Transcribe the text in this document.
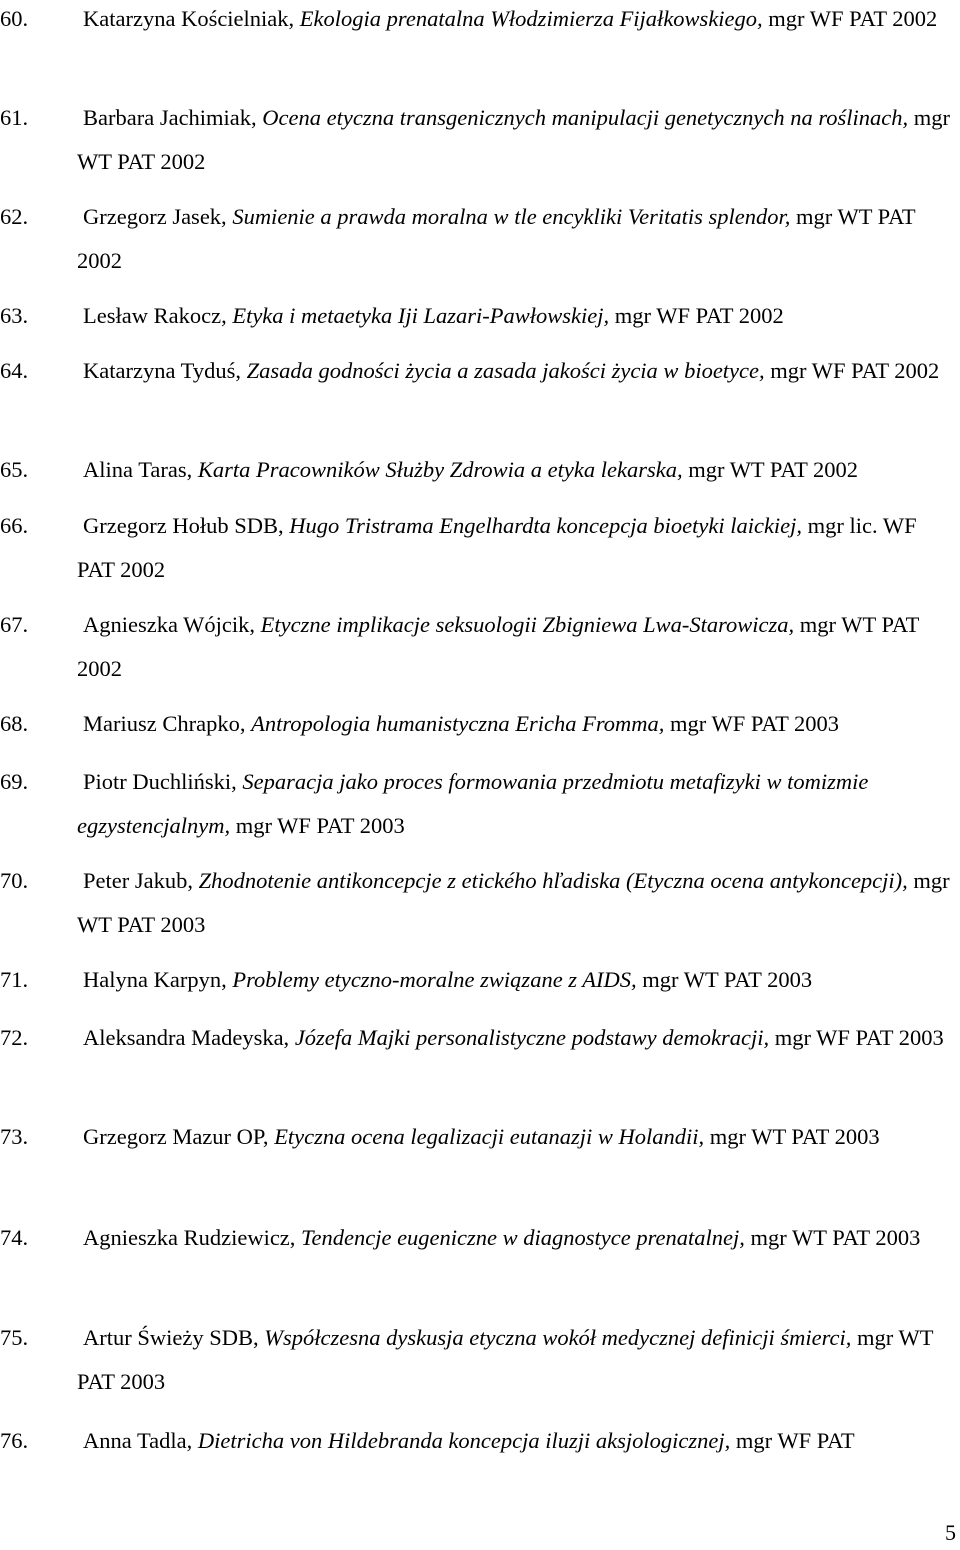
60. Katarzyna Kościelniak, Ekologia prenatalna Włodzimierza Fijałkowskiego, mgr WF PAT 2002
61. Barbara Jachimiak, Ocena etyczna transgenicznych manipulacji genetycznych na roślinach, mgr WT PAT 2002
62. Grzegorz Jasek, Sumienie a prawda moralna w tle encykliki Veritatis splendor, mgr WT PAT 2002
63. Lesław Rakocz, Etyka i metaetyka Iji Lazari-Pawłowskiej, mgr WF PAT 2002
64. Katarzyna Tyduś, Zasada godności życia a zasada jakości życia w bioetyce, mgr WF PAT 2002
65. Alina Taras, Karta Pracowników Służby Zdrowia a etyka lekarska, mgr WT PAT 2002
66. Grzegorz Hołub SDB, Hugo Tristrama Engelhardta koncepcja bioetyki laickiej, mgr lic. WF PAT 2002
67. Agnieszka Wójcik, Etyczne implikacje seksuologii Zbigniewa Lwa-Starowicza, mgr WT PAT 2002
68. Mariusz Chrapko, Antropologia humanistyczna Ericha Fromma, mgr WF PAT 2003
69. Piotr Duchliński, Separacja jako proces formowania przedmiotu metafizyki w tomizmie egzystencjalnym, mgr WF PAT 2003
70. Peter Jakub, Zhodnotenie antikoncepcje z etického hľadiska (Etyczna ocena antykoncepcji), mgr WT PAT 2003
71. Halyna Karpyn, Problemy etyczno-moralne związane z AIDS, mgr WT PAT 2003
72. Aleksandra Madeyska, Józefa Majki personalistyczne podstawy demokracji, mgr WF PAT 2003
73. Grzegorz Mazur OP, Etyczna ocena legalizacji eutanazji w Holandii, mgr WT PAT 2003
74. Agnieszka Rudziewicz, Tendencje eugeniczne w diagnostyce prenatalnej, mgr WT PAT 2003
75. Artur Świeży SDB, Współczesna dyskusja etyczna wokół medycznej definicji śmierci, mgr WT PAT 2003
76. Anna Tadla, Dietricha von Hildebranda koncepcja iluzji aksjologicznej, mgr WF PAT
5
